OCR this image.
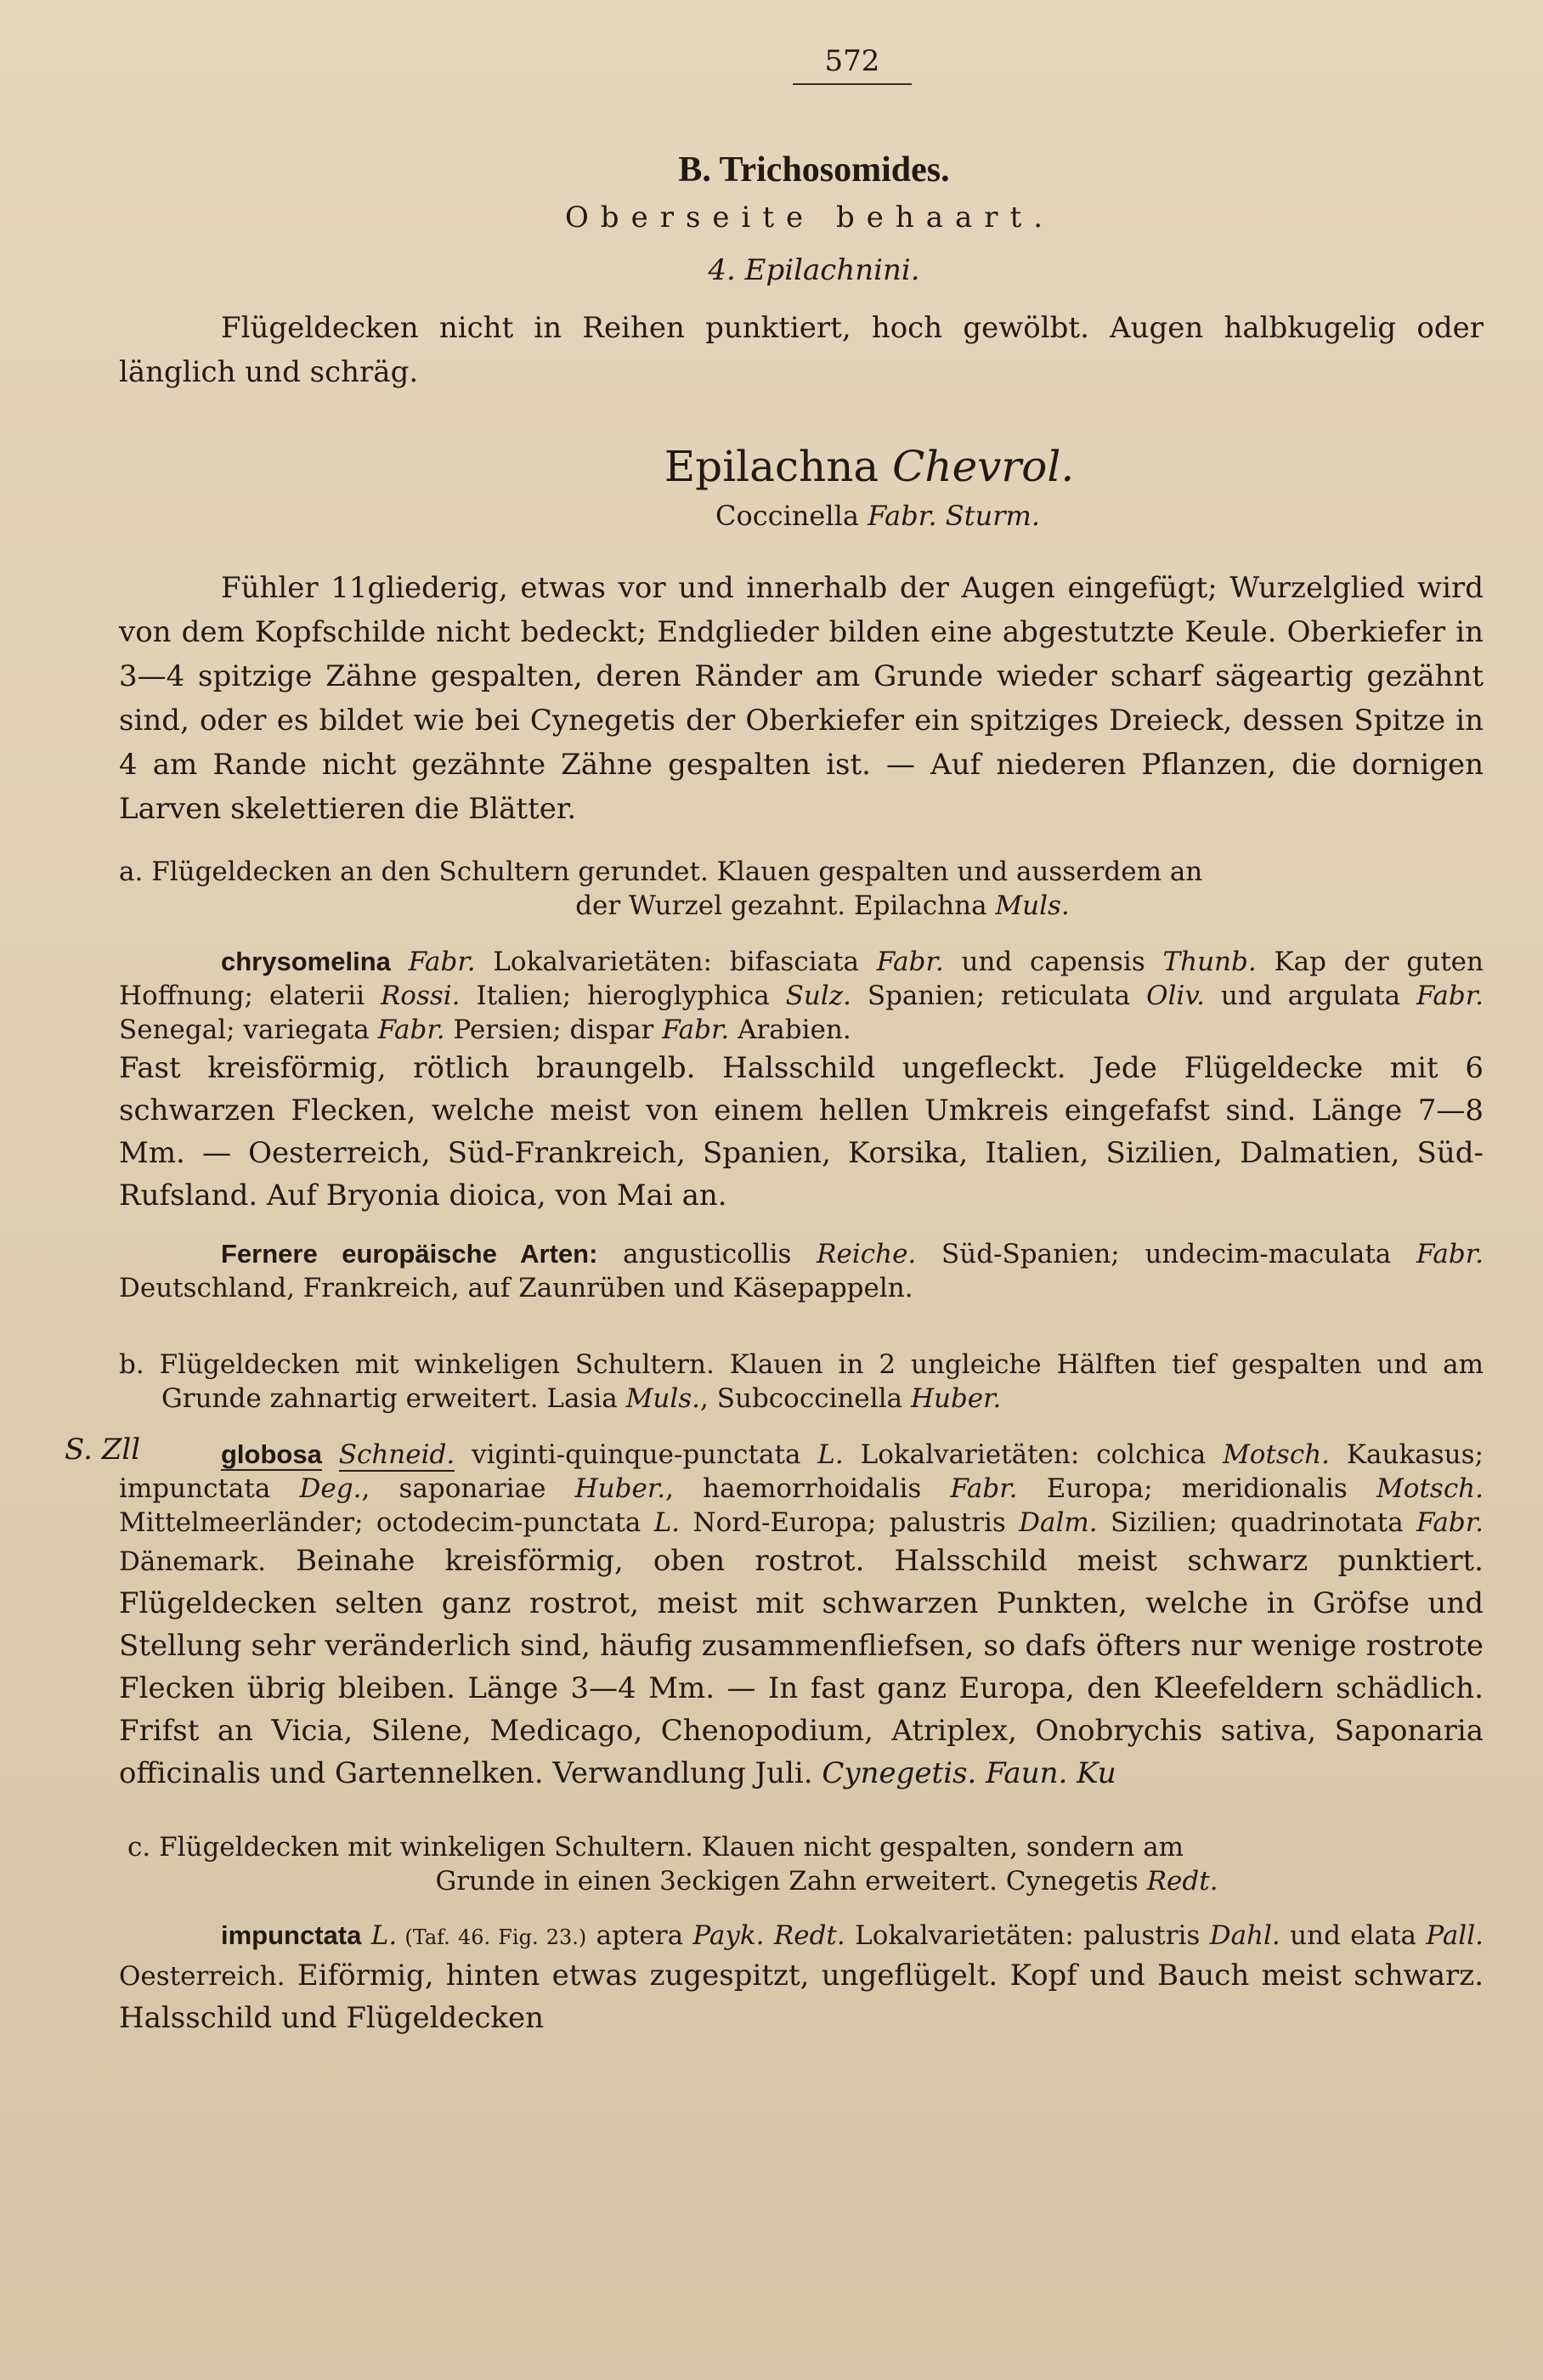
572
B. Trichosomides.
Oberseite behaart.
4. Epilachnini.

Flügeldecken nicht in Reihen punktiert, hoch gewölbt. Augen halbkugelig oder länglich und schräg.

Epilachna Chevrol.
Coccinella Fabr. Sturm.

Fühler 11gliederig, etwas vor und innerhalb der Augen eingefügt; Wurzelglied wird von dem Kopfschilde nicht bedeckt; Endglieder bilden eine abgestutzte Keule. Oberkiefer in 3—4 spitzige Zähne gespalten, deren Ränder am Grunde wieder scharf sägeartig gezähnt sind, oder es bildet wie bei Cynegetis der Oberkiefer ein spitziges Dreieck, dessen Spitze in 4 am Rande nicht gezähnte Zähne gespalten ist. — Auf niederen Pflanzen, die dornigen Larven skelettieren die Blätter.

a. Flügeldecken an den Schultern gerundet. Klauen gespalten und ausserdem an
der Wurzel gezahnt. Epilachna Muls.

chrysomelina Fabr. Lokalvarietäten: bifasciata Fabr. und capensis Thunb. Kap der guten Hoffnung; elaterii Rossi. Italien; hieroglyphica Sulz. Spanien; reticulata Oliv. und argulata Fabr. Senegal; variegata Fabr. Persien; dispar Fabr. Arabien.
Fast kreisförmig, rötlich braungelb. Halsschild ungefleckt. Jede Flügeldecke mit 6 schwarzen Flecken, welche meist von einem hellen Umkreis eingefafst sind. Länge 7—8 Mm. — Oesterreich, Süd-Frankreich, Spanien, Korsika, Italien, Sizilien, Dalmatien, Süd-Rufsland. Auf Bryonia dioica, von Mai an.

Fernere europäische Arten: angusticollis Reiche. Süd-Spanien; undecim-maculata Fabr. Deutschland, Frankreich, auf Zaunrüben und Käsepappeln.

b. Flügeldecken mit winkeligen Schultern. Klauen in 2 ungleiche Hälften tief gespalten und am Grunde zahnartig erweitert. Lasia Muls., Subcoccinella Huber.

S. Zll	globosa Schneid. viginti-quinque-punctata L. Lokalvarietäten: colchica Motsch. Kaukasus; impunctata Deg., saponariae Huber., haemorrhoidalis Fabr. Europa; meridionalis Motsch. Mittelmeerländer; octodecim-punctata L. Nord-Europa; palustris Dalm. Sizilien; quadrinotata Fabr. Dänemark. Beinahe kreisförmig, oben rostrot. Halsschild meist schwarz punktiert. Flügeldecken selten ganz rostrot, meist mit schwarzen Punkten, welche in Gröfse und Stellung sehr veränderlich sind, häufig zusammenfliefsen, so dafs öfters nur wenige rostrote Flecken übrig bleiben. Länge 3—4 Mm. — In fast ganz Europa, den Kleefeldern schädlich. Frifst an Vicia, Silene, Medicago, Chenopodium, Atriplex, Onobrychis sativa, Saponaria officinalis und Gartennelken. Verwandlung Juli. Cynegetis. Faun. Ku

c. Flügeldecken mit winkeligen Schultern. Klauen nicht gespalten, sondern am
Grunde in einen 3eckigen Zahn erweitert. Cynegetis Redt.

impunctata L. (Taf. 46. Fig. 23.) aptera Payk. Redt. Lokalvarietäten: palustris Dahl. und elata Pall. Oesterreich. Eiförmig, hinten etwas zugespitzt, ungeflügelt. Kopf und Bauch meist schwarz. Halsschild und Flügeldecken
